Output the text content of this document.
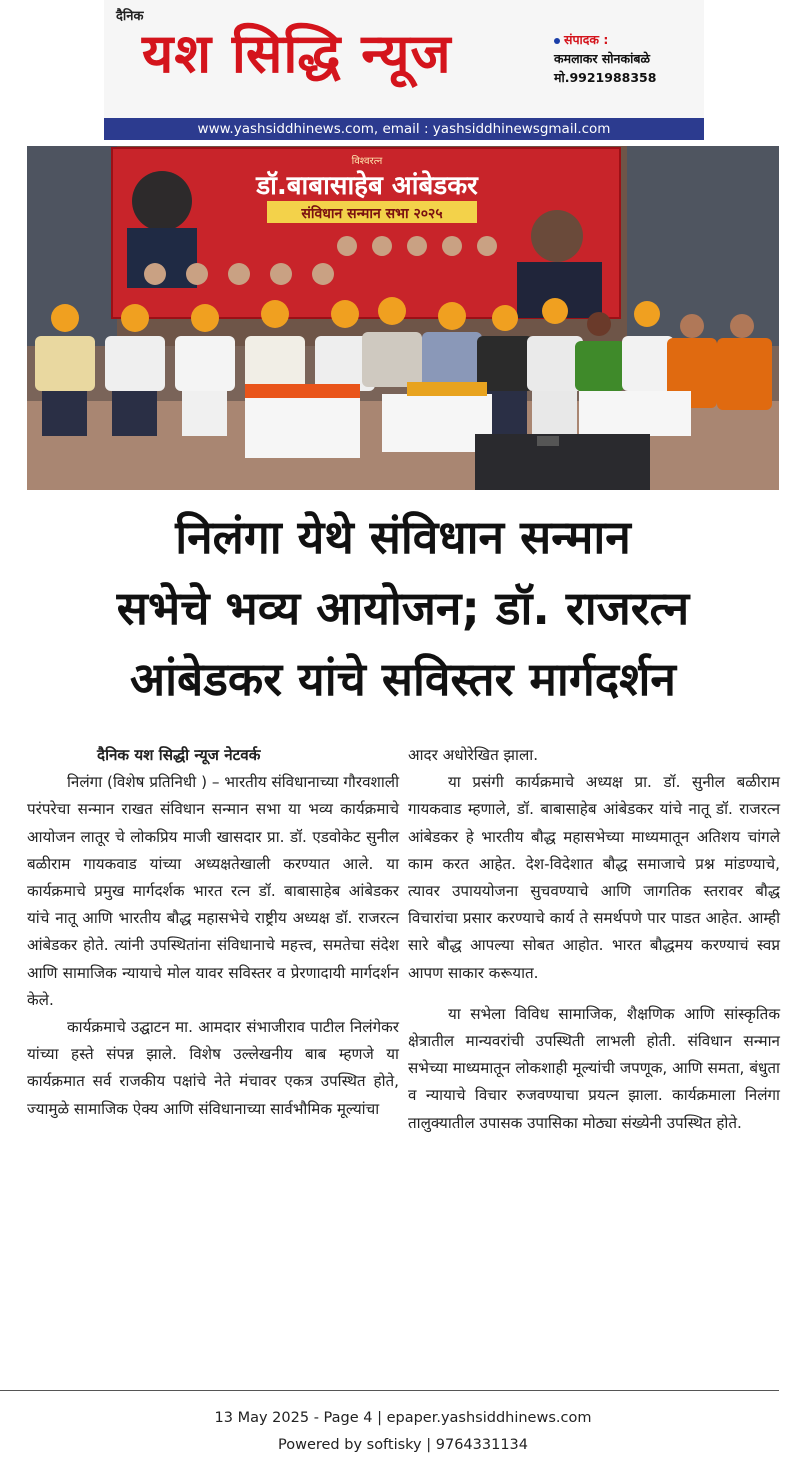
दैनिक
यश सिद्धि न्यूज	संपादक :
कमलाकर सोनकांबळे
मो.9921988358
www.yashsiddhinews.com, email : yashsiddhinewsgmail.com
विश्वरत्न
डॉ.बाबासाहेब आंबेडकर
संविधान सन्मान सभा २०२५
निलंगा येथे संविधान सन्मान
सभेचे भव्य आयोजन; डॉ. राजरत्न
आंबेडकर यांचे सविस्तर मार्गदर्शन
दैनिक यश सिद्धी न्यूज नेटवर्क

निलंगा (विशेष प्रतिनिधी ) – भारतीय संविधानाच्या गौरवशाली परंपरेचा सन्मान राखत संविधान सन्मान सभा या भव्य कार्यक्रमाचे आयोजन लातूर चे लोकप्रिय माजी खासदार प्रा. डॉ. एडवोकेट सुनील बळीराम गायकवाड यांच्या अध्यक्षतेखाली करण्यात आले. या कार्यक्रमाचे प्रमुख मार्गदर्शक भारत रत्न डॉ. बाबासाहेब आंबेडकर यांचे नातू आणि भारतीय बौद्ध महासभेचे राष्ट्रीय अध्यक्ष डॉ. राजरत्न आंबेडकर होते. त्यांनी उपस्थितांना संविधानाचे महत्त्व, समतेचा संदेश आणि सामाजिक न्यायाचे मोल यावर सविस्तर व प्रेरणादायी मार्गदर्शन केले.

कार्यक्रमाचे उद्घाटन मा. आमदार संभाजीराव पाटील निलंगेकर यांच्या हस्ते संपन्न झाले. विशेष उल्लेखनीय बाब म्हणजे या कार्यक्रमात सर्व राजकीय पक्षांचे नेते मंचावर एकत्र उपस्थित होते, ज्यामुळे सामाजिक ऐक्य आणि संविधानाच्या सार्वभौमिक मूल्यांचा

आदर अधोरेखित झाला.

या प्रसंगी कार्यक्रमाचे अध्यक्ष प्रा. डॉ. सुनील बळीराम गायकवाड म्हणाले, डॉ. बाबासाहेब आंबेडकर यांचे नातू डॉ. राजरत्न आंबेडकर हे भारतीय बौद्ध महासभेच्या माध्यमातून अतिशय चांगले काम करत आहेत. देश-विदेशात बौद्ध समाजाचे प्रश्न मांडण्याचे, त्यावर उपाययोजना सुचवण्याचे आणि जागतिक स्तरावर बौद्ध विचारांचा प्रसार करण्याचे कार्य ते समर्थपणे पार पाडत आहेत. आम्ही सारे बौद्ध आपल्या सोबत आहोत. भारत बौद्धमय करण्याचं स्वप्न आपण साकार करूयात.

या सभेला विविध सामाजिक, शैक्षणिक आणि सांस्कृतिक क्षेत्रातील मान्यवरांची उपस्थिती लाभली होती. संविधान सन्मान सभेच्या माध्यमातून लोकशाही मूल्यांची जपणूक, आणि समता, बंधुता व न्यायाचे विचार रुजवण्याचा प्रयत्न झाला. कार्यक्रमाला निलंगा तालुक्यातील उपासक उपासिका मोठ्या संख्येनी उपस्थित होते.

13 May 2025 - Page 4 | epaper.yashsiddhinews.com
Powered by softisky | 9764331134
